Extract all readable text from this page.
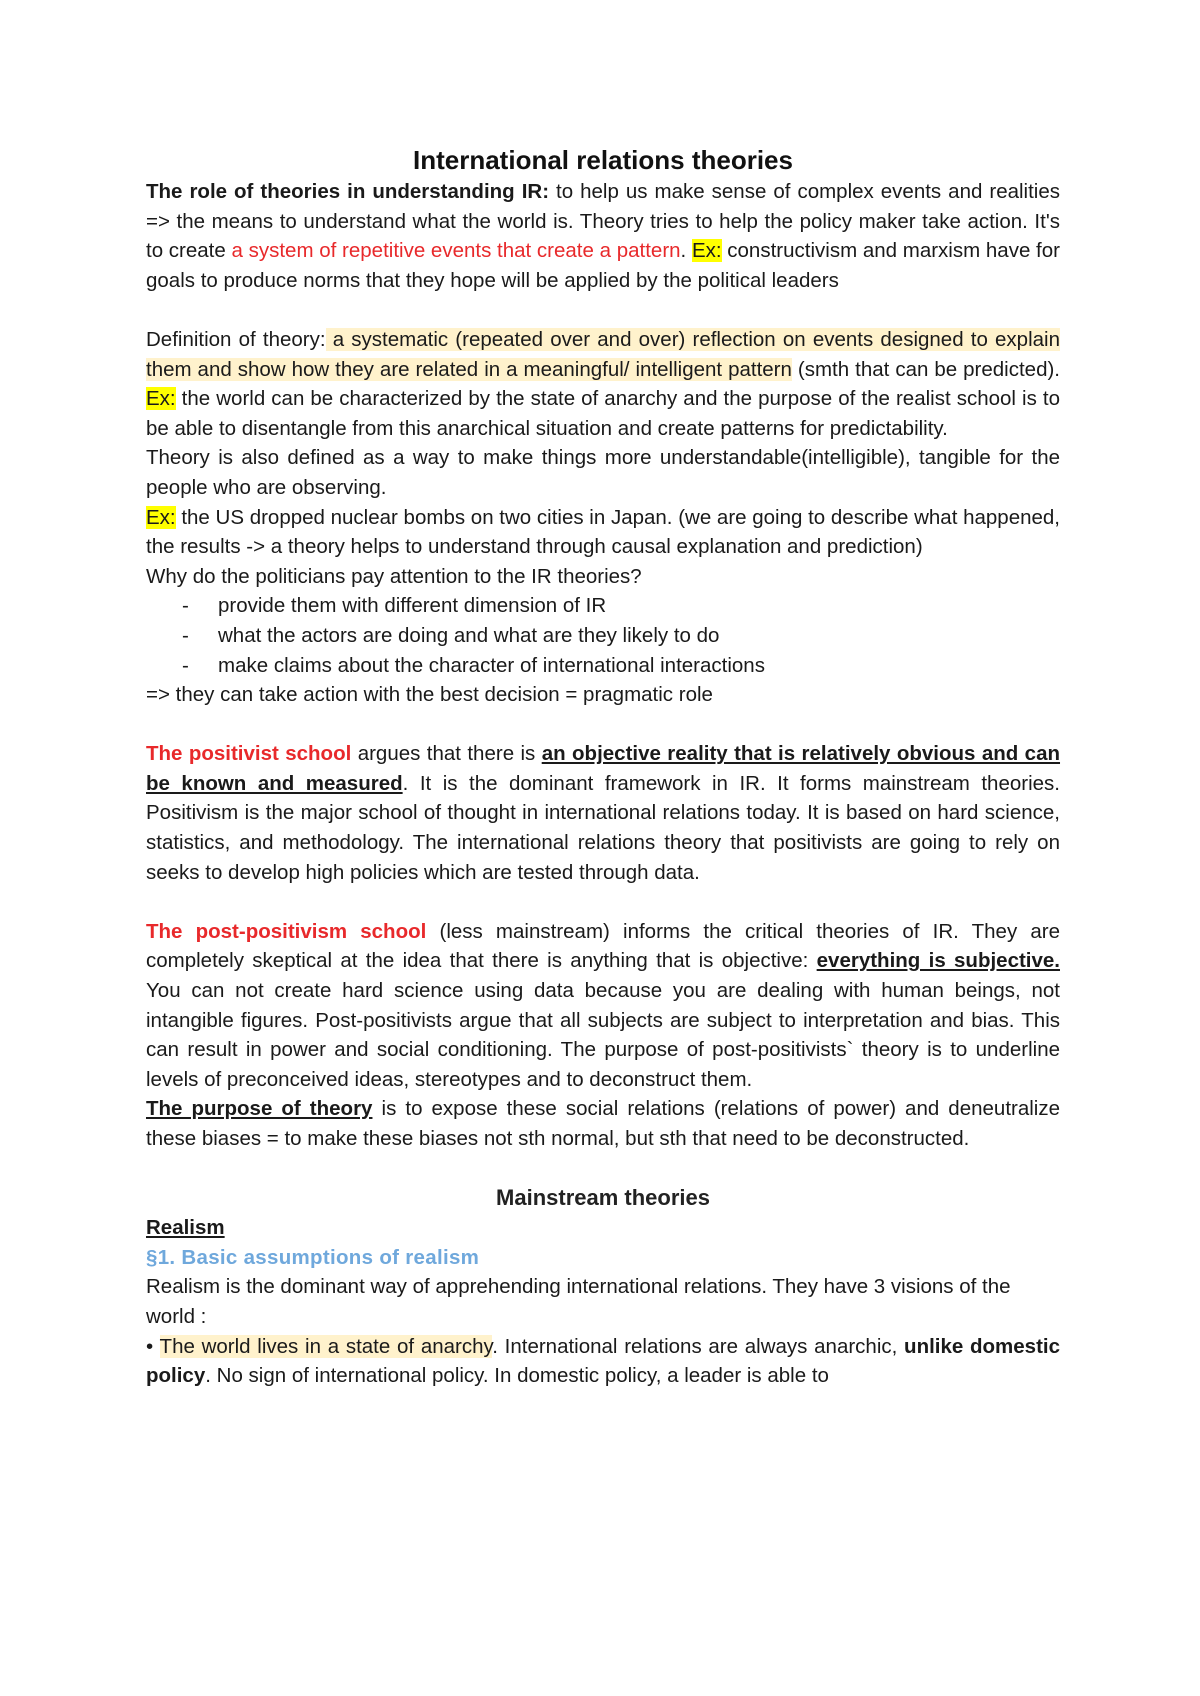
International relations theories

The role of theories in understanding IR: to help us make sense of complex events and realities => the means to understand what the world is. Theory tries to help the policy maker take action. It's to create a system of repetitive events that create a pattern. Ex: constructivism and marxism have for goals to produce norms that they hope will be applied by the political leaders

Definition of theory: a systematic (repeated over and over) reflection on events designed to explain them and show how they are related in a meaningful/ intelligent pattern (smth that can be predicted). Ex: the world can be characterized by the state of anarchy and the purpose of the realist school is to be able to disentangle from this anarchical situation and create patterns for predictability.

Theory is also defined as a way to make things more understandable(intelligible), tangible for the people who are observing.

Ex: the US dropped nuclear bombs on two cities in Japan. (we are going to describe what happened, the results -> a theory helps to understand through causal explanation and prediction)

Why do the politicians pay attention to the IR theories?

- provide them with different dimension of IR
- what the actors are doing and what are they likely to do
- make claims about the character of international interactions

=> they can take action with the best decision = pragmatic role

The positivist school argues that there is an objective reality that is relatively obvious and can be known and measured. It is the dominant framework in IR. It forms mainstream theories. Positivism is the major school of thought in international relations today. It is based on hard science, statistics, and methodology. The international relations theory that positivists are going to rely on seeks to develop high policies which are tested through data.

The post-positivism school (less mainstream) informs the critical theories of IR. They are completely skeptical at the idea that there is anything that is objective: everything is subjective. You can not create hard science using data because you are dealing with human beings, not intangible figures. Post-positivists argue that all subjects are subject to interpretation and bias. This can result in power and social conditioning. The purpose of post-positivists` theory is to underline levels of preconceived ideas, stereotypes and to deconstruct them.

The purpose of theory is to expose these social relations (relations of power) and deneutralize these biases = to make these biases not sth normal, but sth that need to be deconstructed.

Mainstream theories

Realism

§1. Basic assumptions of realism

Realism is the dominant way of apprehending international relations. They have 3 visions of the world :

• The world lives in a state of anarchy. International relations are always anarchic, unlike domestic policy. No sign of international policy. In domestic policy, a leader is able to
